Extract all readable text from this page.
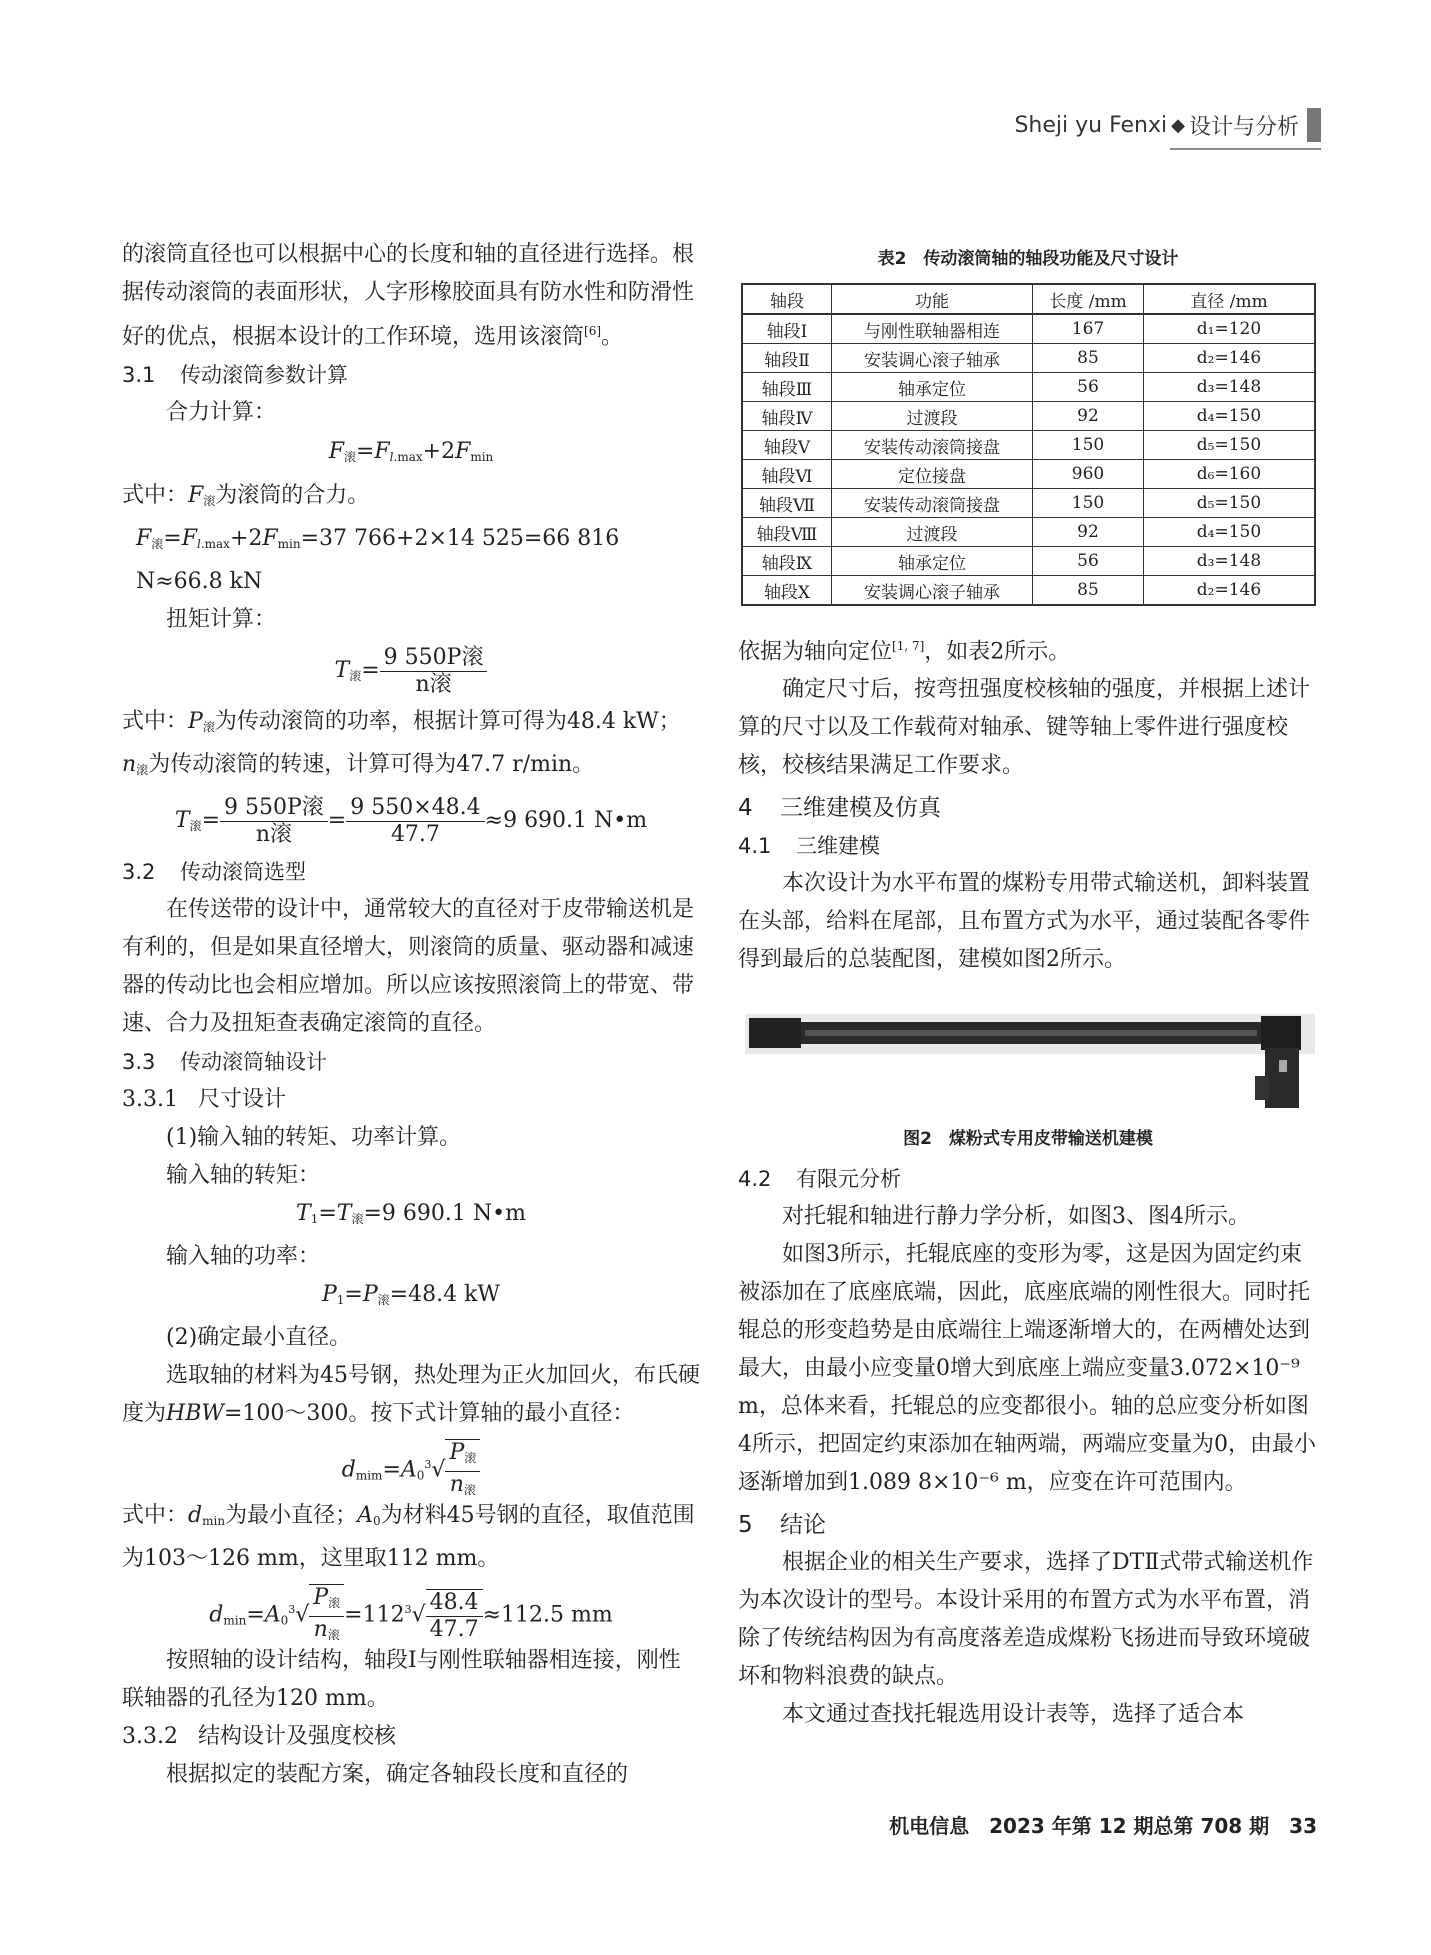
Sheji yu Fenxi ◆ 设计与分析

的滚筒直径也可以根据中心的长度和轴的直径进行选择。根据传动滚筒的表面形状，人字形橡胶面具有防水性和防滑性好的优点，根据本设计的工作环境，选用该滚筒[6]。

3.1 传动滚筒参数计算

合力计算：

$F_滚=F_{l.max}+2F_{min}$

式中：$F_滚$为滚筒的合力。

$F_滚=F_{l.max}+2F_{min}=37$ 766+2×14 525=66 816 N≈66.8 kN

扭矩计算：

$T_滚= \frac{\text{9 550P滚}}{\text{n滚}}$

式中：$P_滚$为传动滚筒的功率，根据计算可得为48.4 kW；

$n_滚$为传动滚筒的转速，计算可得为47.7 r/min。

$T_滚= \frac{\text{9 550P滚}}{\text{n滚}} = \frac{9 550\times 48.4}{47.7} \approx 9$ 690.1 N•m

3.2 传动滚筒选型

在传送带的设计中，通常较大的直径对于皮带输送机是有利的，但是如果直径增大，则滚筒的质量、驱动器和减速器的传动比也会相应增加。所以应该按照滚筒上的带宽、带速、合力及扭矩查表确定滚筒的直径。

3.3 传动滚筒轴设计

3.3.1 尺寸设计

(1)输入轴的转矩、功率计算。

输入轴的转矩：

$T_1=T_滚=9$ 690.1 N•m

输入轴的功率：

$P_1=P_滚=48.4$ kW

(2)确定最小直径。

选取轴的材料为45号钢，热处理为正火加回火，布氏硬度为HBW=100～300。按下式计算轴的最小直径：

$d_{mim}=A_0^3√ \frac{P_滚}{n_滚}$

式中：$d_{min}$为最小直径；$A_0$为材料45号钢的直径，取值范围为103～126 mm，这里取112 mm。

$d_{min}=A_0^3√ \frac{P_滚}{n_滚} =112^3√ \frac{48.4}{47.7} \approx 112.5$ mm

按照轴的设计结构，轴段Ⅰ与刚性联轴器相连接，刚性联轴器的孔径为120 mm。

3.3.2 结构设计及强度校核

根据拟定的装配方案，确定各轴段长度和直径的

表2　传动滚筒轴的轴段功能及尺寸设计
轴段	功能	长度 /mm	直径 /mm
轴段Ⅰ	与刚性联轴器相连	167	d₁=120
轴段Ⅱ	安装调心滚子轴承	85	d₂=146
轴段Ⅲ	轴承定位	56	d₃=148
轴段Ⅳ	过渡段	92	d₄=150
轴段Ⅴ	安装传动滚筒接盘	150	d₅=150
轴段Ⅵ	定位接盘	960	d₆=160
轴段Ⅶ	安装传动滚筒接盘	150	d₅=150
轴段Ⅷ	过渡段	92	d₄=150
轴段Ⅸ	轴承定位	56	d₃=148
轴段Ⅹ	安装调心滚子轴承	85	d₂=146

依据为轴向定位[1, 7]，如表2所示。

确定尺寸后，按弯扭强度校核轴的强度，并根据上述计算的尺寸以及工作载荷对轴承、键等轴上零件进行强度校核，校核结果满足工作要求。

4 三维建模及仿真

4.1 三维建模

本次设计为水平布置的煤粉专用带式输送机，卸料装置在头部，给料在尾部，且布置方式为水平，通过装配各零件得到最后的总装配图，建模如图2所示。

图2　煤粉式专用皮带输送机建模

4.2 有限元分析

对托辊和轴进行静力学分析，如图3、图4所示。

如图3所示，托辊底座的变形为零，这是因为固定约束被添加在了底座底端，因此，底座底端的刚性很大。同时托辊总的形变趋势是由底端往上端逐渐增大的，在两槽处达到最大，由最小应变量0增大到底座上端应变量3.072×10⁻⁹ m，总体来看，托辊总的应变都很小。轴的总应变分析如图4所示，把固定约束添加在轴两端，两端应变量为0，由最小逐渐增加到1.089 8×10⁻⁶ m，应变在许可范围内。

5 结论

根据企业的相关生产要求，选择了DTⅡ式带式输送机作为本次设计的型号。本设计采用的布置方式为水平布置，消除了传统结构因为有高度落差造成煤粉飞扬进而导致环境破坏和物料浪费的缺点。

本文通过查找托辊选用设计表等，选择了适合本

机电信息　2023 年第 12 期总第 708 期　33
